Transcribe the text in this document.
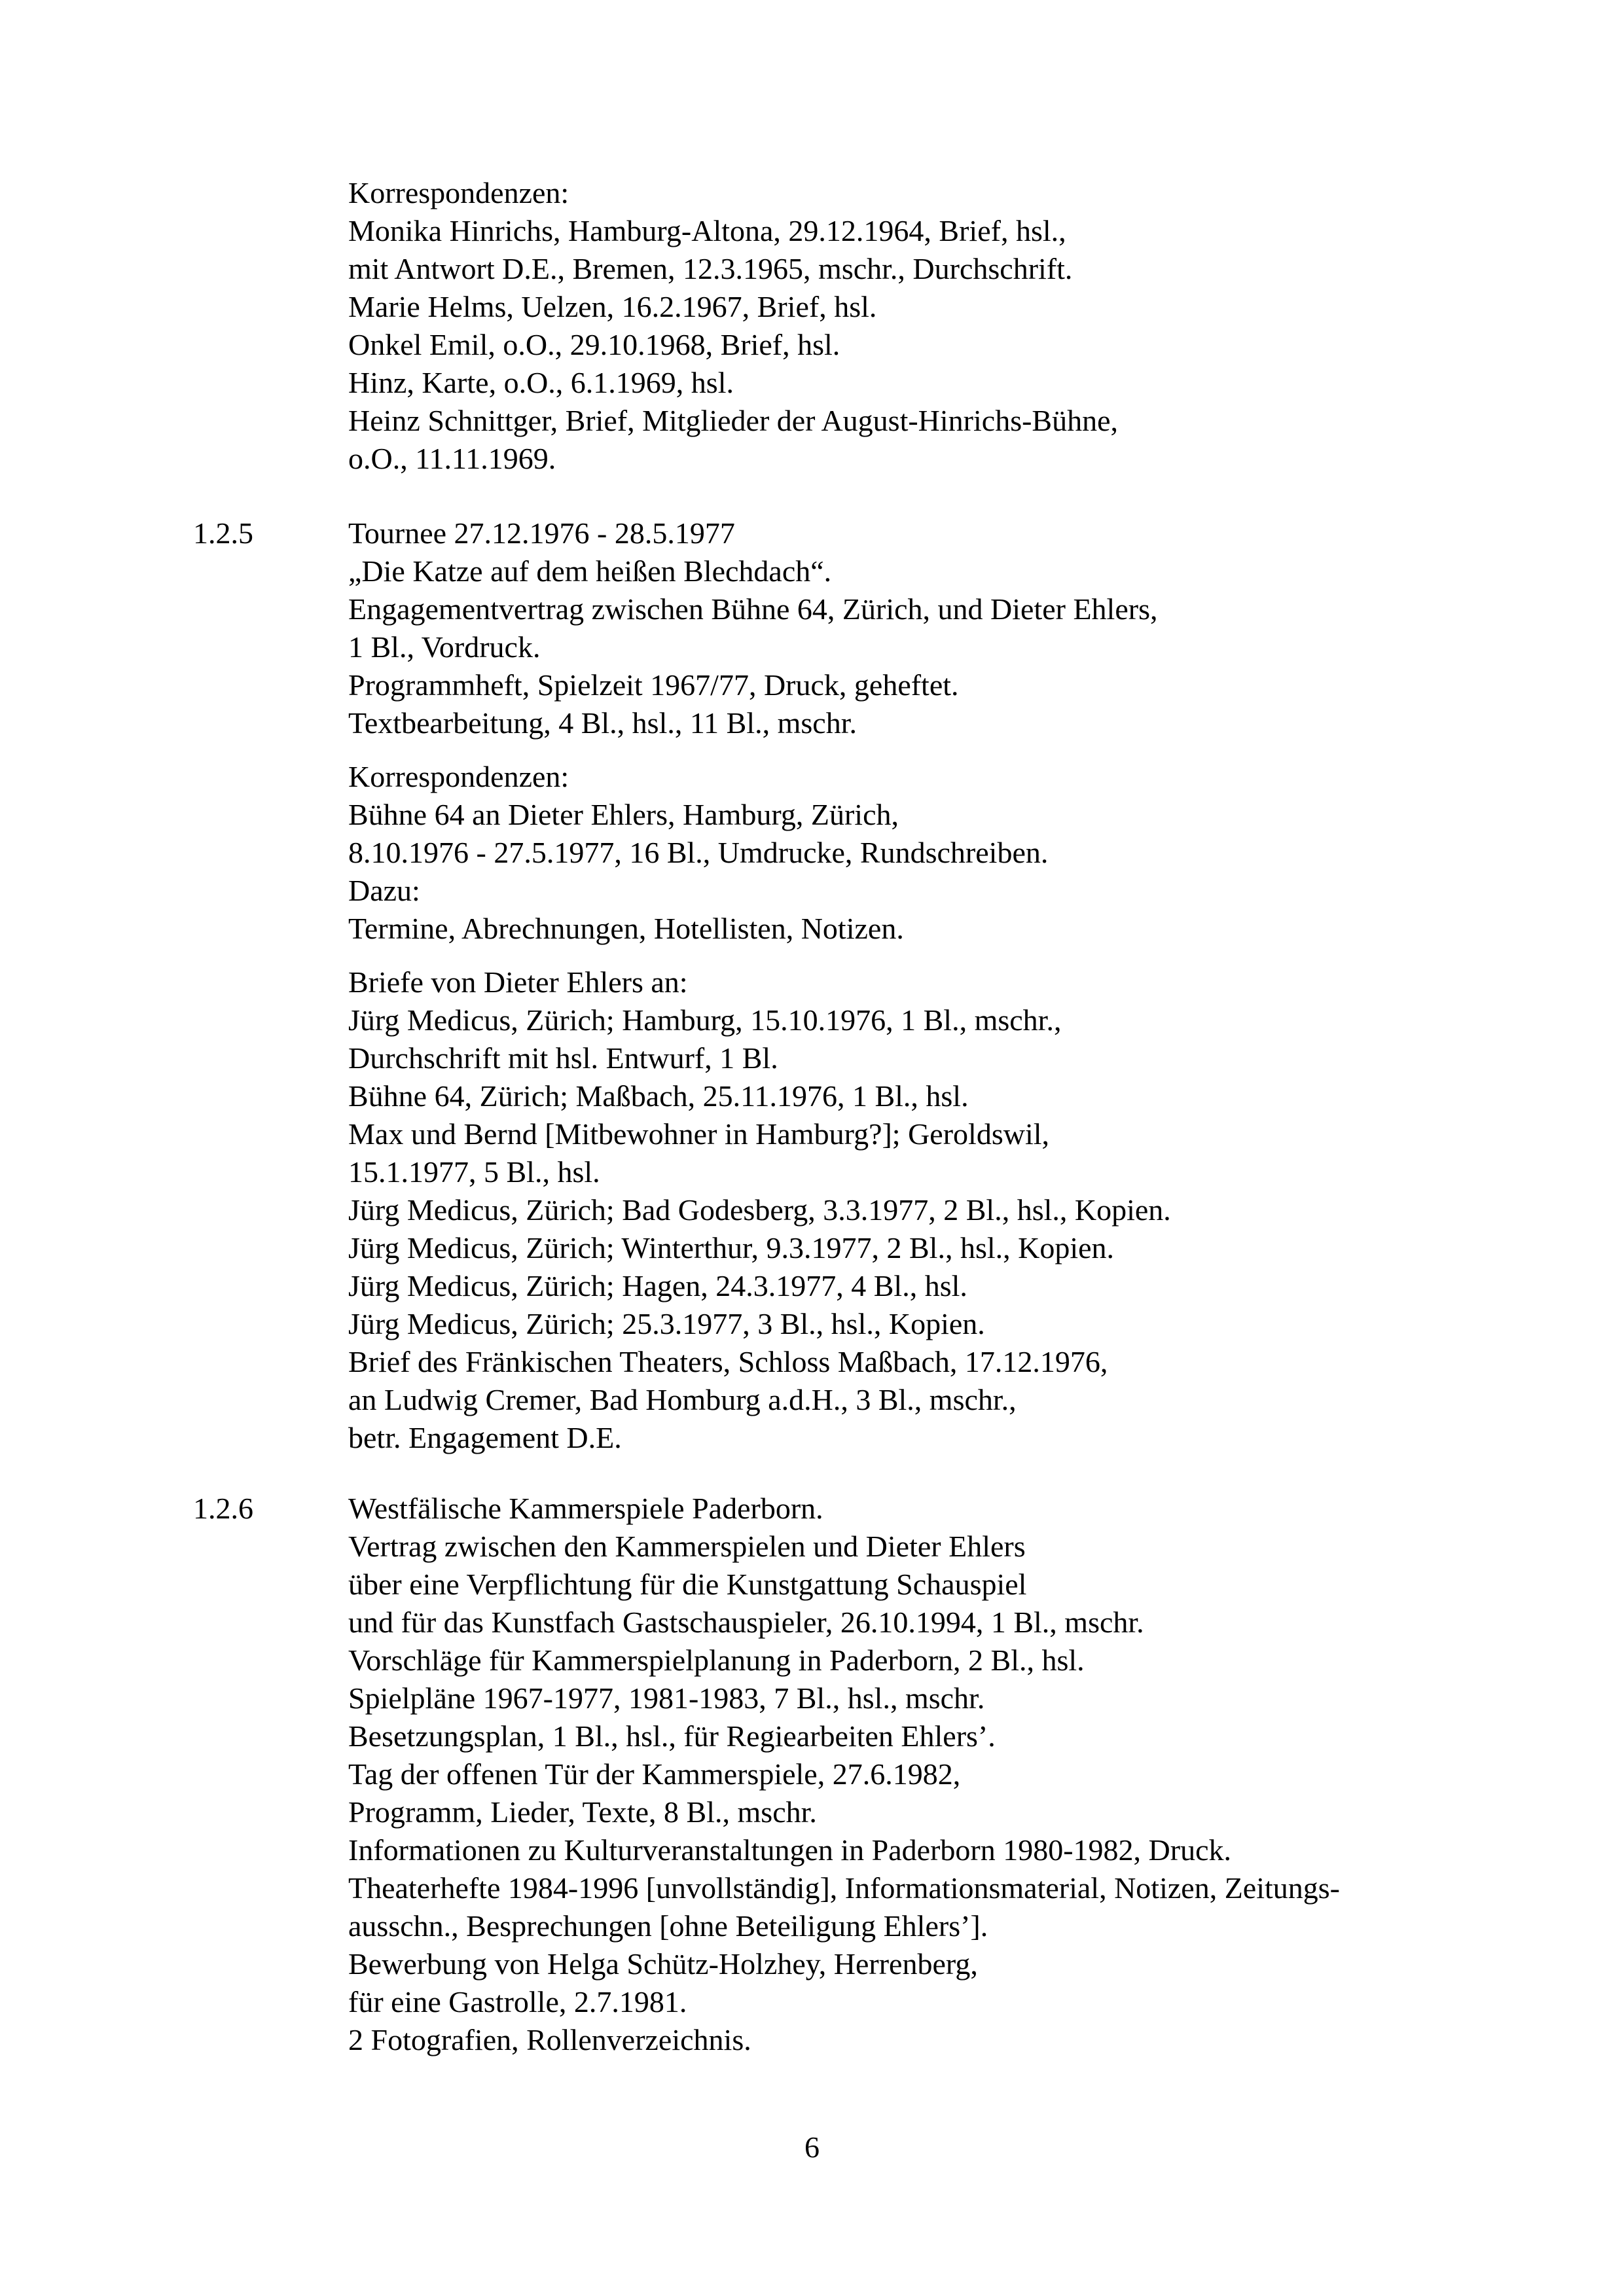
Korrespondenzen:
Monika Hinrichs, Hamburg-Altona, 29.12.1964, Brief, hsl.,
mit Antwort D.E., Bremen, 12.3.1965, mschr., Durchschrift.
Marie Helms, Uelzen, 16.2.1967, Brief, hsl.
Onkel Emil, o.O., 29.10.1968, Brief, hsl.
Hinz, Karte, o.O., 6.1.1969, hsl.
Heinz Schnittger, Brief, Mitglieder der August-Hinrichs-Bühne,
o.O., 11.11.1969.
1.2.5	Tournee 27.12.1976 - 28.5.1977
„Die Katze auf dem heißen Blechdach“.
Engagementvertrag zwischen Bühne 64, Zürich, und Dieter Ehlers,
1 Bl., Vordruck.
Programmheft, Spielzeit 1967/77, Druck, geheftet.
Textbearbeitung, 4 Bl., hsl., 11 Bl., mschr.
Korrespondenzen:
Bühne 64 an Dieter Ehlers, Hamburg, Zürich,
8.10.1976 - 27.5.1977, 16 Bl., Umdrucke, Rundschreiben.
Dazu:
Termine, Abrechnungen, Hotellisten, Notizen.
Briefe von Dieter Ehlers an:
Jürg Medicus, Zürich; Hamburg, 15.10.1976, 1 Bl., mschr.,
Durchschrift mit hsl. Entwurf, 1 Bl.
Bühne 64, Zürich; Maßbach, 25.11.1976, 1 Bl., hsl.
Max und Bernd [Mitbewohner in Hamburg?]; Geroldswil,
15.1.1977, 5 Bl., hsl.
Jürg Medicus, Zürich; Bad Godesberg, 3.3.1977, 2 Bl., hsl., Kopien.
Jürg Medicus, Zürich; Winterthur, 9.3.1977, 2 Bl., hsl., Kopien.
Jürg Medicus, Zürich; Hagen, 24.3.1977, 4 Bl., hsl.
Jürg Medicus, Zürich; 25.3.1977, 3 Bl., hsl., Kopien.
Brief des Fränkischen Theaters, Schloss Maßbach, 17.12.1976,
an Ludwig Cremer, Bad Homburg a.d.H., 3 Bl., mschr.,
betr. Engagement D.E.
1.2.6	Westfälische Kammerspiele Paderborn.
Vertrag zwischen den Kammerspielen und Dieter Ehlers
über eine Verpflichtung für die Kunstgattung Schauspiel
und für das Kunstfach Gastschauspieler, 26.10.1994, 1 Bl., mschr.
Vorschläge für Kammerspielplanung in Paderborn, 2 Bl., hsl.
Spielpläne 1967-1977, 1981-1983, 7 Bl., hsl., mschr.
Besetzungsplan, 1 Bl., hsl., für Regiearbeiten Ehlers’.
Tag der offenen Tür der Kammerspiele, 27.6.1982,
Programm, Lieder, Texte, 8 Bl., mschr.
Informationen zu Kulturveranstaltungen in Paderborn 1980-1982, Druck.
Theaterhefte 1984-1996 [unvollständig], Informationsmaterial, Notizen, Zeitungs-
ausschn., Besprechungen [ohne Beteiligung Ehlers’].
Bewerbung von Helga Schütz-Holzhey, Herrenberg,
für eine Gastrolle, 2.7.1981.
2 Fotografien, Rollenverzeichnis.
6
